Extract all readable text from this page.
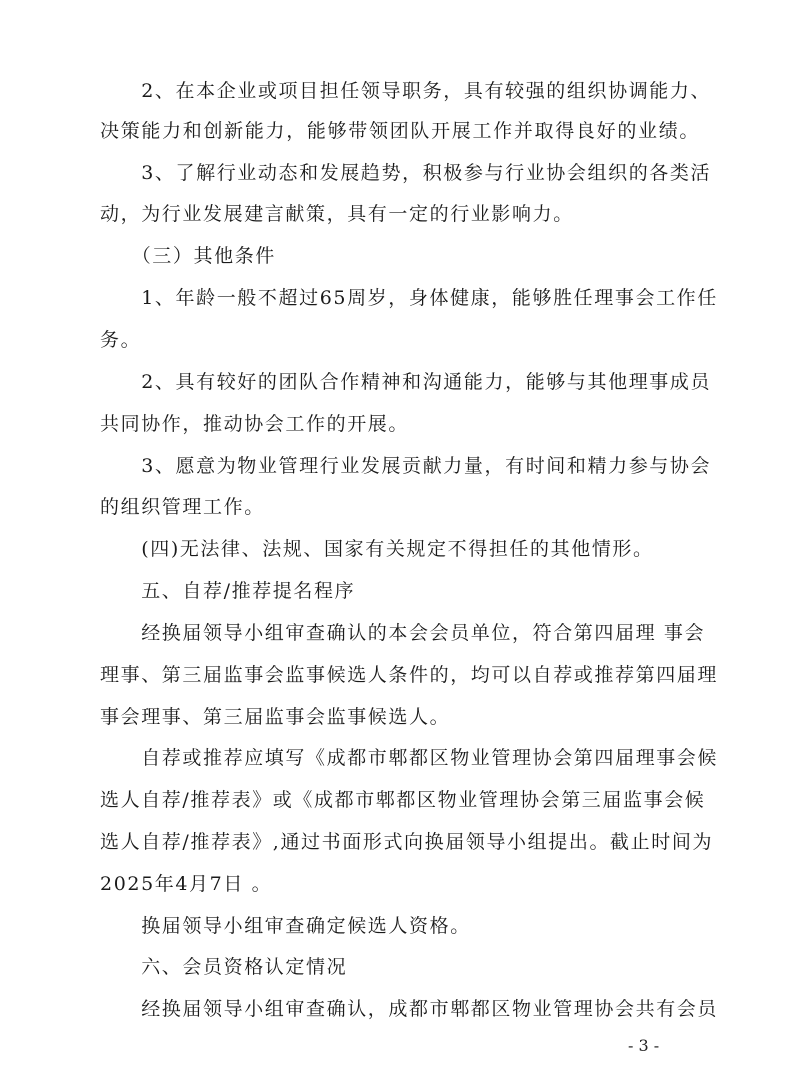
　　2、在本企业或项目担任领导职务，具有较强的组织协调能力、
决策能力和创新能力，能够带领团队开展工作并取得良好的业绩。
　　3、了解行业动态和发展趋势，积极参与行业协会组织的各类活
动，为行业发展建言献策，具有一定的行业影响力。
　　（三）其他条件
　　1、年龄一般不超过65周岁，身体健康，能够胜任理事会工作任
务。
　　2、具有较好的团队合作精神和沟通能力，能够与其他理事成员
共同协作，推动协会工作的开展。
　　3、愿意为物业管理行业发展贡献力量，有时间和精力参与协会
的组织管理工作。
　　(四)无法律、法规、国家有关规定不得担任的其他情形。
　　五、自荐/推荐提名程序
　　经换届领导小组审查确认的本会会员单位，符合第四届理 事会
理事、第三届监事会监事候选人条件的，均可以自荐或推荐第四届理
事会理事、第三届监事会监事候选人。
　　自荐或推荐应填写《成都市郫都区物业管理协会第四届理事会候
选人自荐/推荐表》或《成都市郫都区物业管理协会第三届监事会候
选人自荐/推荐表》,通过书面形式向换届领导小组提出。截止时间为
2025年4月7日 。
　　换届领导小组审查确定候选人资格。
　　六、会员资格认定情况
　　经换届领导小组审查确认，成都市郫都区物业管理协会共有会员
- 3 -
